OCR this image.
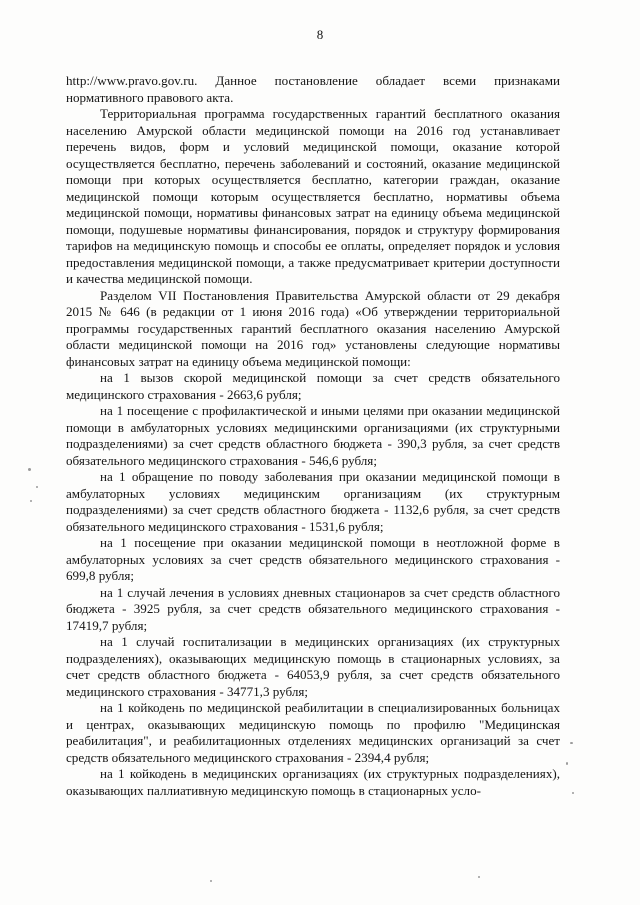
8

http://www.pravo.gov.ru. Данное постановление обладает всеми признаками нормативного правового акта.

Территориальная программа государственных гарантий бесплатного оказания населению Амурской области медицинской помощи на 2016 год устанавливает перечень видов, форм и условий медицинской помощи, оказание которой осуществляется бесплатно, перечень заболеваний и состояний, оказание медицинской помощи при которых осуществляется бесплатно, категории граждан, оказание медицинской помощи которым осуществляется бесплатно, нормативы объема медицинской помощи, нормативы финансовых затрат на единицу объема медицинской помощи, подушевые нормативы финансирования, порядок и структуру формирования тарифов на медицинскую помощь и способы ее оплаты, определяет порядок и условия предоставления медицинской помощи, а также предусматривает критерии доступности и качества медицинской помощи.

Разделом VII Постановления Правительства Амурской области от 29 декабря 2015 № 646 (в редакции от 1 июня 2016 года) «Об утверждении территориальной программы государственных гарантий бесплатного оказания населению Амурской области медицинской помощи на 2016 год» установлены следующие нормативы финансовых затрат на единицу объема медицинской помощи:

на 1 вызов скорой медицинской помощи за счет средств обязательного медицинского страхования - 2663,6 рубля;

на 1 посещение с профилактической и иными целями при оказании медицинской помощи в амбулаторных условиях медицинскими организациями (их структурными подразделениями) за счет средств областного бюджета - 390,3 рубля, за счет средств обязательного медицинского страхования - 546,6 рубля;

на 1 обращение по поводу заболевания при оказании медицинской помощи в амбулаторных условиях медицинским организациям (их структурным подразделениями) за счет средств областного бюджета - 1132,6 рубля, за счет средств обязательного медицинского страхования - 1531,6 рубля;

на 1 посещение при оказании медицинской помощи в неотложной форме в амбулаторных условиях за счет средств обязательного медицинского страхования - 699,8 рубля;

на 1 случай лечения в условиях дневных стационаров за счет средств областного бюджета - 3925 рубля, за счет средств обязательного медицинского страхования - 17419,7 рубля;

на 1 случай госпитализации в медицинских организациях (их структурных подразделениях), оказывающих медицинскую помощь в стационарных условиях, за счет средств областного бюджета - 64053,9 рубля, за счет средств обязательного медицинского страхования - 34771,3 рубля;

на 1 койкодень по медицинской реабилитации в специализированных больницах и центрах, оказывающих медицинскую помощь по профилю "Медицинская реабилитация", и реабилитационных отделениях медицинских организаций за счет средств обязательного медицинского страхования - 2394,4 рубля;

на 1 койкодень в медицинских организациях (их структурных подразделениях), оказывающих паллиативную медицинскую помощь в стационарных усло-
